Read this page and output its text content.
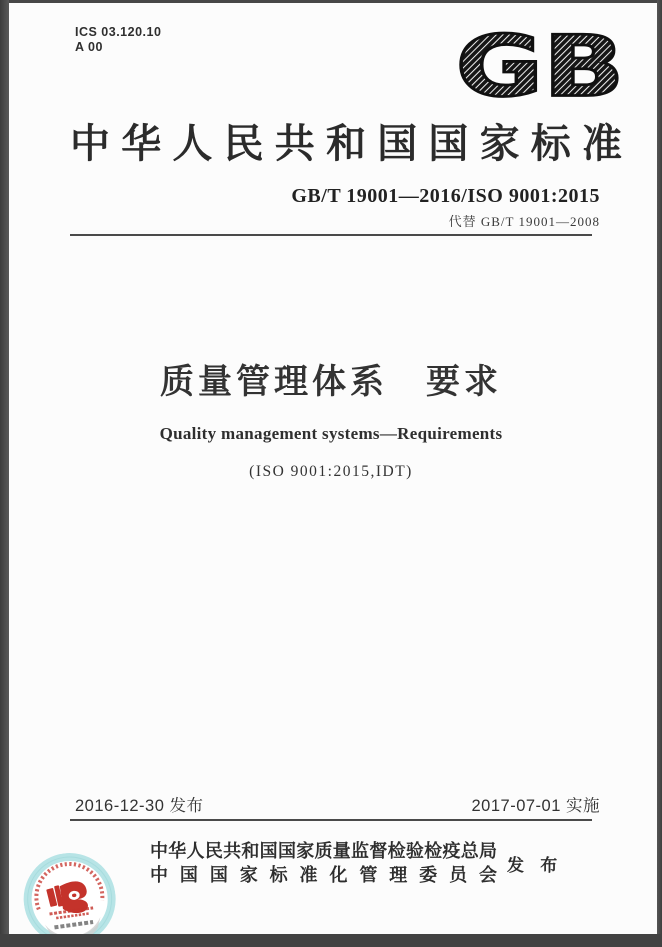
ICS 03.120.10
A 00	GB
中华人民共和国国家标准
GB/T 19001—2016/ISO 9001:2015
代替 GB/T 19001—2008
质量管理体系　要求
Quality management systems—Requirements
(ISO 9001:2015,IDT)
2016-12-30 发布	2017-07-01 实施
中华人民共和国国家质量监督检验检疫总局
中国国家标准化管理委员会 发 布
